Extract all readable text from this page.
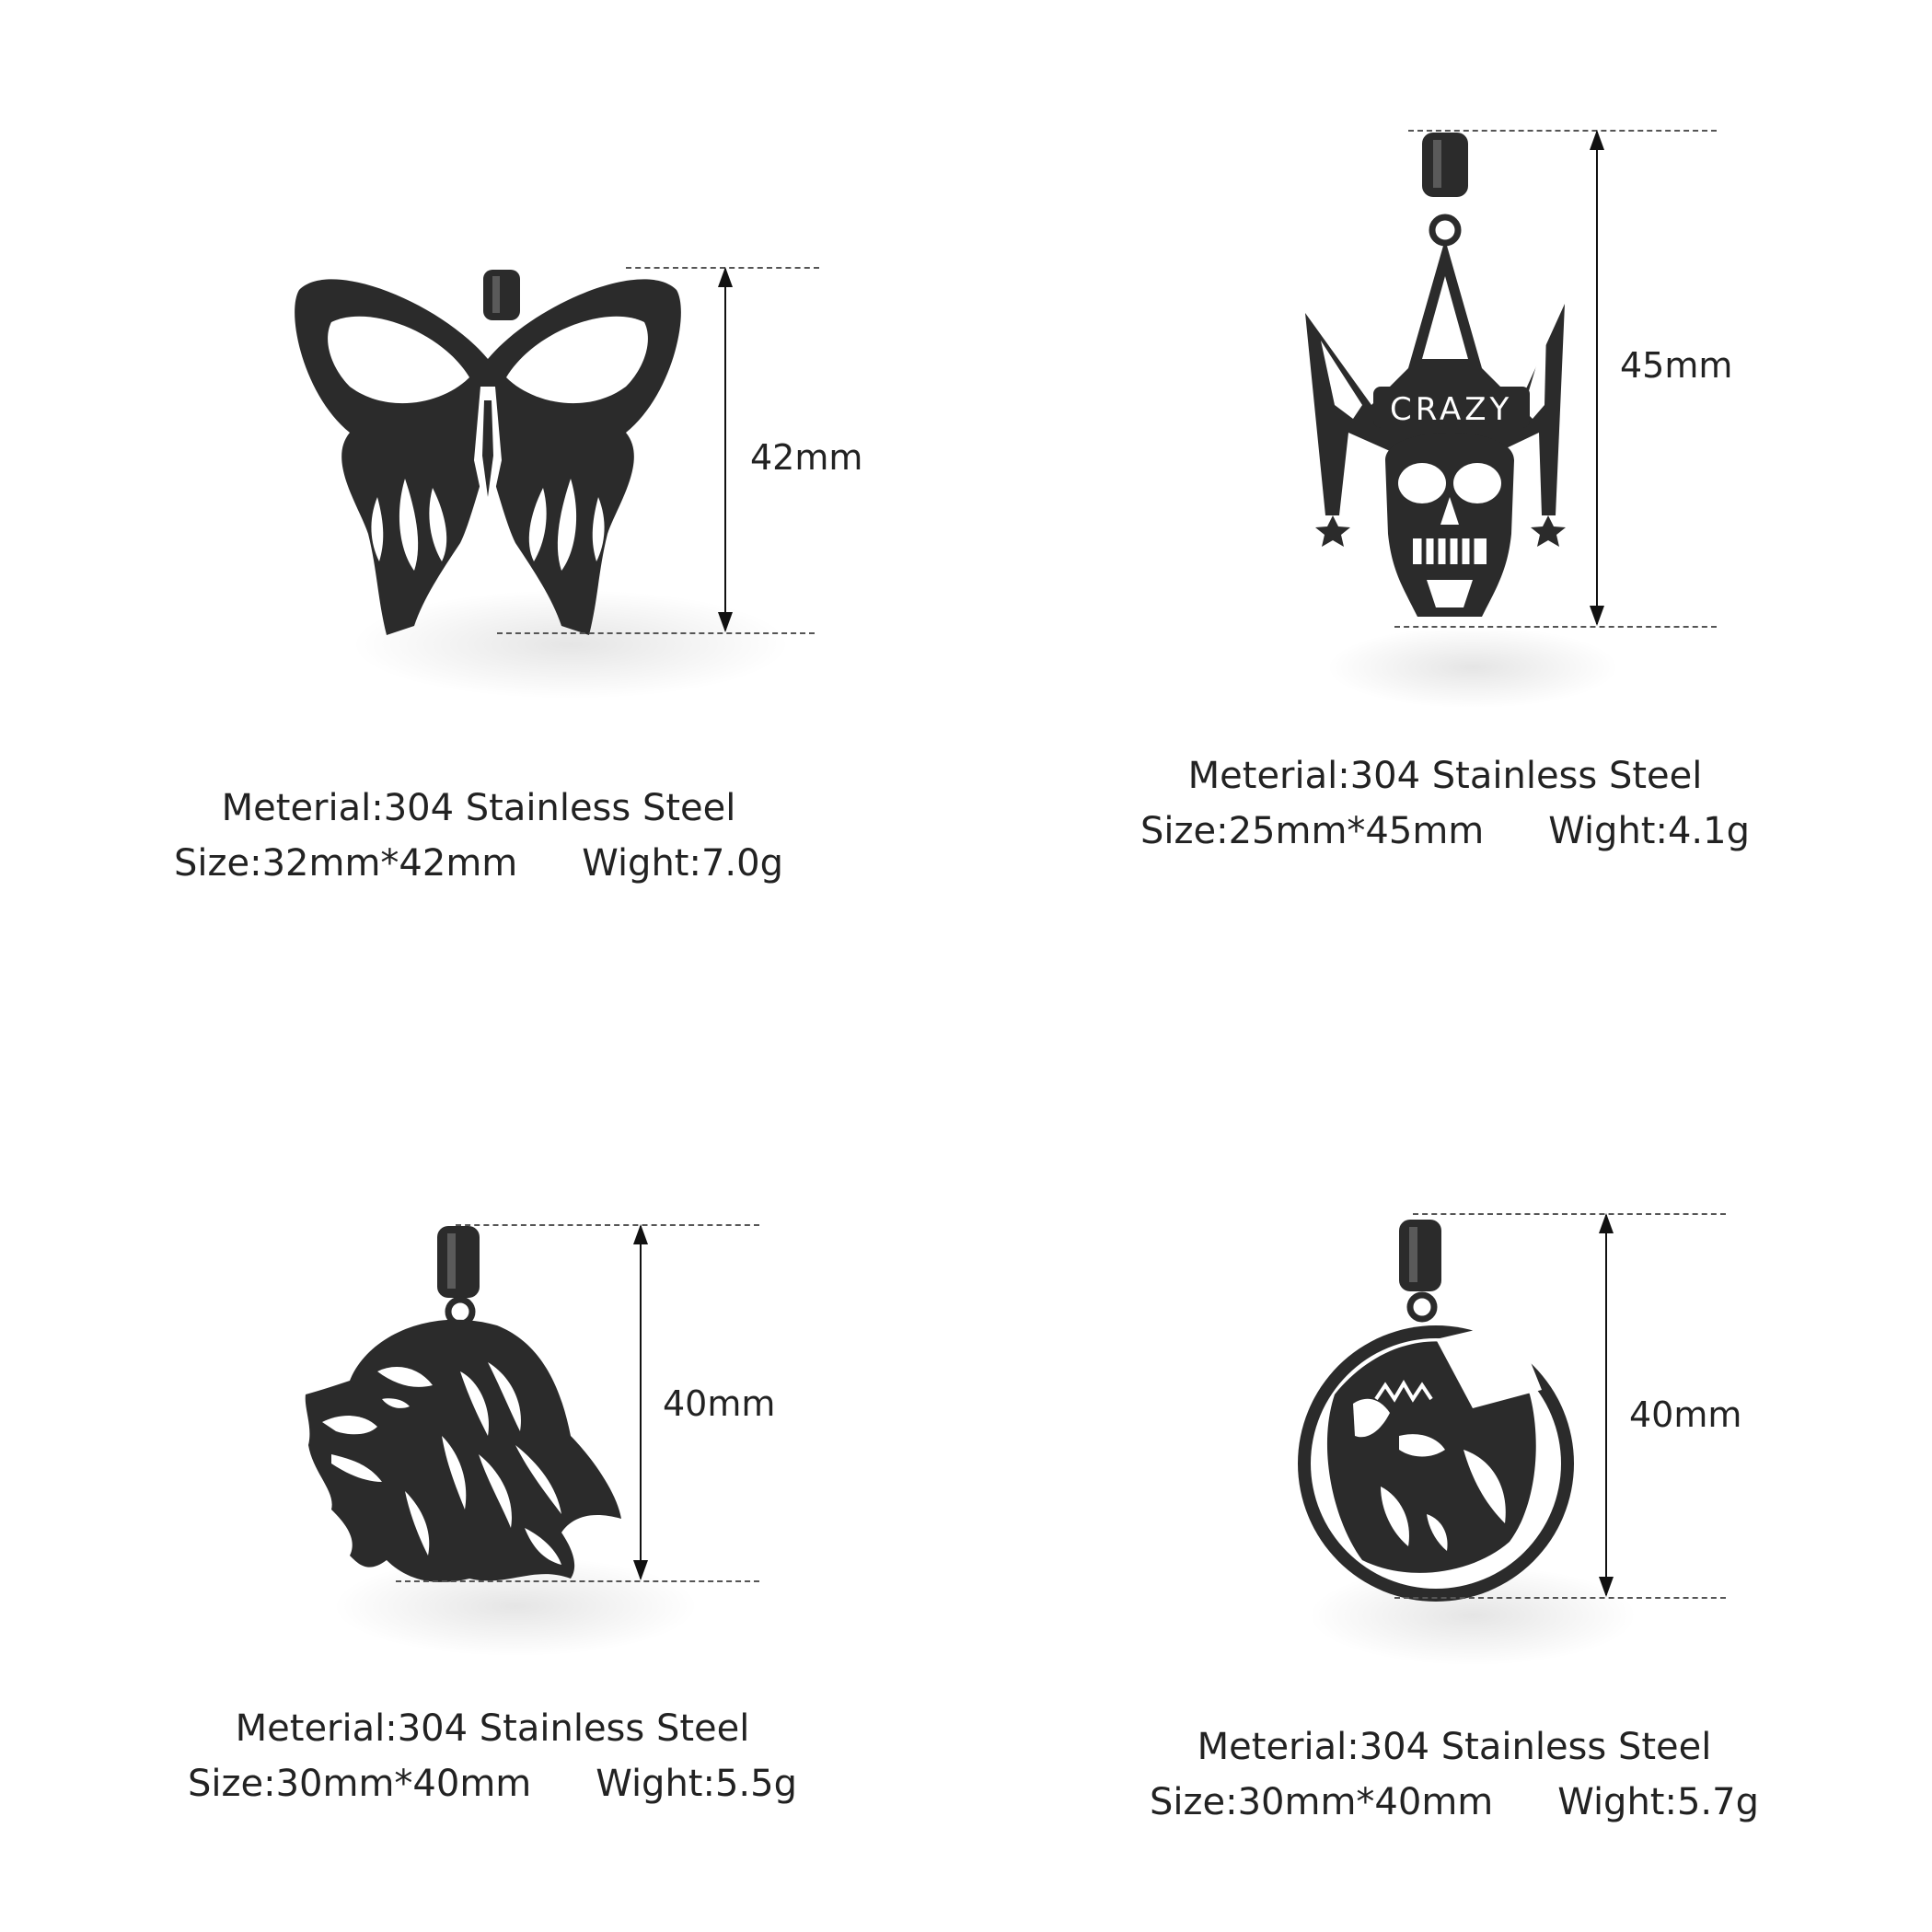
42mm
Meterial:304 Stainless Steel
Size:32mm*42mm Wight:7.0g
CRAZY
45mm
Meterial:304 Stainless Steel
Size:25mm*45mm Wight:4.1g
40mm
Meterial:304 Stainless Steel
Size:30mm*40mm Wight:5.5g
40mm
Meterial:304 Stainless Steel
Size:30mm*40mm Wight:5.7g
